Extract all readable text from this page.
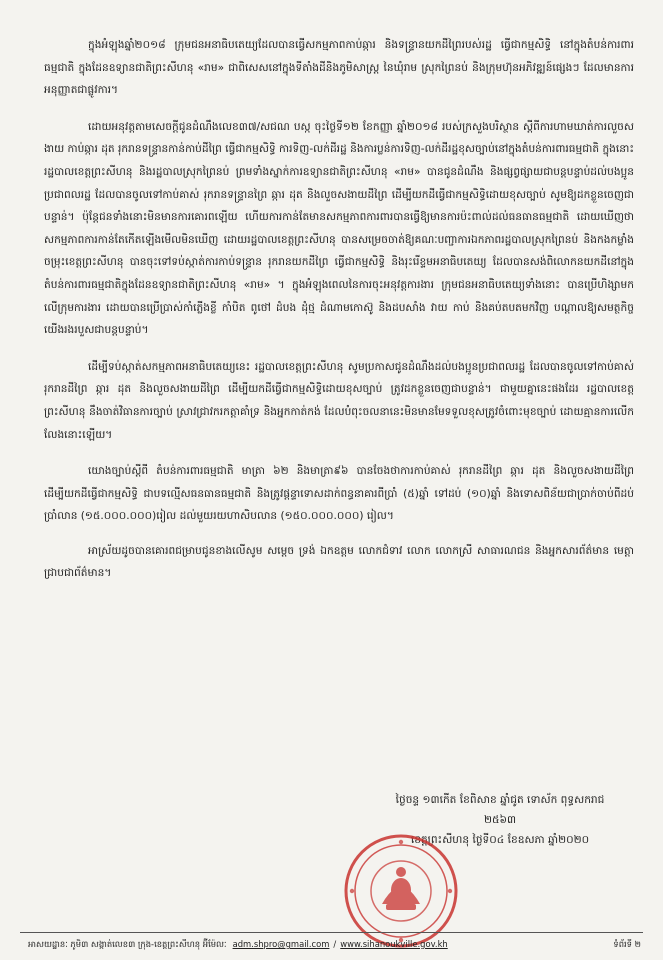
ក្នុងអំឡុងឆ្នាំ២០១៨ ក្រុមជនអនាធិបតេយ្យដែលបានធ្វើសកម្មភាពកាប់ឆ្ការ និងទន្ទ្រានយកដីព្រៃរបស់រដ្ឋ ធ្វើជាកម្មសិទ្ធិ នៅក្នុងតំបន់ការពារធម្មជាតិ ក្នុងដែនឧទ្យានជាតិព្រះសីហនុ «រាម» ជាពិសេសនៅក្នុងទីតាំងដីនិងភូមិសាស្ត្រ នៃឃុំរាម ស្រុកព្រៃនប់ និងក្រុមហ៊ុនអភិវឌ្ឍន៍ផ្សេងៗ ដែលមានការអនុញ្ញាតជាផ្លូវការ។

ដោយអនុវត្តតាមសេចក្តីជូនដំណឹងលេខ៣៧/សជណ បស្ក ចុះថ្ងៃទី១២ ខែកញ្ញា ឆ្នាំ២០១៨ របស់ក្រសួងបរិស្ថាន ស្តីពីការហាមឃាត់ការលួចសងាយ កាប់ឆ្ការ ដុត រុករានទន្ទ្រានកាន់កាប់ដីព្រៃ ធ្វើជាកម្មសិទ្ធិ ការទិញ-លក់ដីរដ្ឋ និងការប្លន់ការទិញ-លក់ដីរដ្ឋខុសច្បាប់នៅក្នុងតំបន់ការពារធម្មជាតិ ក្នុងនោះរដ្ឋបាលខេត្តព្រះសីហនុ និងរដ្ឋបាលស្រុកព្រៃនប់ ព្រមទាំងស្នាក់ការឧទ្យានជាតិព្រះសីហនុ «រាម» បានជូនដំណឹង និងផ្សព្វផ្សាយជាបន្តបន្ទាប់ដល់បងប្អូនប្រជាពលរដ្ឋ ដែលបានចូលទៅកាប់គាស់ រុករានទន្ទ្រានព្រៃ ឆ្ការ ដុត និងលួចសងាយដីព្រៃ ដើម្បីយកដីធ្វើជាកម្មសិទ្ធិដោយខុសច្បាប់ សូមឱ្យដកខ្លួនចេញជាបន្ទាន់។ ប៉ុន្តែជនទាំងនោះមិនមានការគោរពឡើយ ហើយការកាន់តែមានសកម្មភាពការពារបានធ្វើឱ្យមានការប៉ះពាល់ដល់ធនធានធម្មជាតិ ដោយឃើញថាសកម្មភាពការកាន់តែកើតឡើងមើលមិនឃើញ ដោយរដ្ឋបាលខេត្តព្រះសីហនុ បានសម្រេចចាត់ឱ្យគណៈបញ្ជាការឯកភាពរដ្ឋបាលស្រុកព្រៃនប់ និងកងកម្លាំងចម្រុះខេត្តព្រះសីហនុ បានចុះទៅទប់ស្កាត់ការកាប់ទន្ទ្រាន រុករានយកដីព្រៃ ធ្វើជាកម្មសិទ្ធិ និងរុះរើខ្ទមអនាធិបតេយ្យ ដែលបានសង់ពិលោកនយកដីនៅក្នុងតំបន់ការពារធម្មជាតិក្នុងដែនឧទ្យានជាតិព្រះសីហនុ «រាម» ។ ក្នុងអំឡុងពេលនៃការចុះអនុវត្តការងារ ក្រុមជនអនាធិបតេយ្យទាំងនោះ បានប្រើហិង្សាមកលើក្រុមការងារ ដោយបានប្រើប្រាស់កាំភ្លើងខ្លី កាំបិត ពូថៅ ដំបង ដុំថ្ម ដំណាមកោស៊ូ និងដបសាំង វាយ កាប់ និងគប់តបតមកវិញ បណ្តាលឱ្យសមត្ថកិច្ចយើងរងរបួសជាបន្តបន្ទាប់។

ដើម្បីទប់ស្កាត់សកម្មភាពអនាធិបតេយ្យនេះ រដ្ឋបាលខេត្តព្រះសីហនុ សូមប្រកាសជូនដំណឹងដល់បងប្អូនប្រជាពលរដ្ឋ ដែលបានចូលទៅកាប់គាស់ រុករានដីព្រៃ ឆ្ការ ដុត និងលួចសងាយដីព្រៃ ដើម្បីយកដីធ្វើជាកម្មសិទ្ធិដោយខុសច្បាប់ ត្រូវដកខ្លួនចេញជាបន្ទាន់។ ជាមួយគ្នានេះផងដែរ រដ្ឋបាលខេត្តព្រះសីហនុ នឹងចាត់វិធានការច្បាប់ ស្រាវជ្រាវករកត្តាគាំទ្រ និងអ្នកកាត់កង់ ដែលបំពុះចលនានេះមិនមានមែទទួលខុសត្រូវចំពោះមុខច្បាប់ ដោយគ្មានការលើកលែងនោះឡើយ។

យោងច្បាប់ស្តីពី តំបន់ការពារធម្មជាតិ មាត្រា ៦២ និងមាត្រា៩៦ បានចែងថាការកាប់គាស់ រុករានដីព្រៃ ឆ្ការ ដុត និងលួចសងាយដីព្រៃ ដើម្បីយកដីធ្វើជាកម្មសិទ្ធិ ជាបទល្មើសធនធានធម្មជាតិ និងត្រូវផ្តន្ទាទោសដាក់ពន្ធនាគារពីប្រាំ (៥)ឆ្នាំ ទៅដប់ (១០)ឆ្នាំ និងទោសពិន័យជាប្រាក់ចាប់ពីដប់ប្រាំលាន (១៥.០០០.០០០)រៀល ដល់មួយរយហាសិបលាន (១៥០.០០០.០០០) រៀល។

អាស្រ័យដូចបានគោរពជម្រាបជូនខាងលើសូម សម្តេច ទ្រង់ ឯកឧត្តម លោកជំទាវ លោក លោកស្រី សាធារណជន និងអ្នកសារព័ត៌មាន មេត្តាជ្រាបជាព័ត៌មាន។

ថ្ងៃចន្ទ ១៣កើត ខែពិសាខ ឆ្នាំជូត ទោស័ក ពុទ្ធសករាជ ២៥៦៣
ខេត្តព្រះសីហនុ ថ្ងៃទី០៤ ខែឧសភា ឆ្នាំ២០២០
អាសយដ្ឋានៈ ភូមិ៣ សង្កាត់លេខ៣ ក្រុង-ខេត្តព្រះសីហនុ អ៊ីម៉ែលៈ adm.shpro@gmail.com / www.sihanoukville.gov.kh	ទំព័រទី ២
